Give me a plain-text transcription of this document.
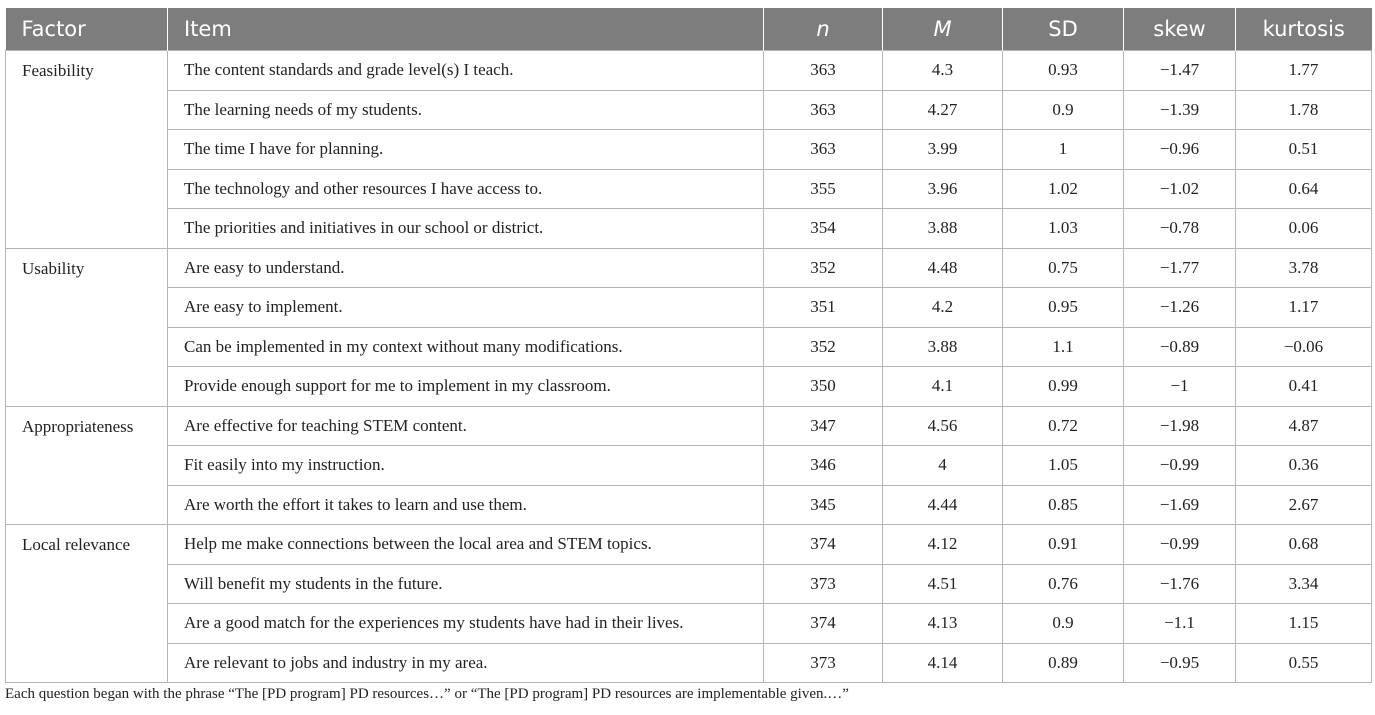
Factor	Item	n	M	SD	skew	kurtosis
Feasibility	The content standards and grade level(s) I teach.	363	4.3	0.93	−1.47	1.77
	The learning needs of my students.	363	4.27	0.9	−1.39	1.78
	The time I have for planning.	363	3.99	1	−0.96	0.51
	The technology and other resources I have access to.	355	3.96	1.02	−1.02	0.64
	The priorities and initiatives in our school or district.	354	3.88	1.03	−0.78	0.06
Usability	Are easy to understand.	352	4.48	0.75	−1.77	3.78
	Are easy to implement.	351	4.2	0.95	−1.26	1.17
	Can be implemented in my context without many modifications.	352	3.88	1.1	−0.89	−0.06
	Provide enough support for me to implement in my classroom.	350	4.1	0.99	−1	0.41
Appropriateness	Are effective for teaching STEM content.	347	4.56	0.72	−1.98	4.87
	Fit easily into my instruction.	346	4	1.05	−0.99	0.36
	Are worth the effort it takes to learn and use them.	345	4.44	0.85	−1.69	2.67
Local relevance	Help me make connections between the local area and STEM topics.	374	4.12	0.91	−0.99	0.68
	Will benefit my students in the future.	373	4.51	0.76	−1.76	3.34
	Are a good match for the experiences my students have had in their lives.	374	4.13	0.9	−1.1	1.15
	Are relevant to jobs and industry in my area.	373	4.14	0.89	−0.95	0.55
Each question began with the phrase “The [PD program] PD resources…” or “The [PD program] PD resources are implementable given.…”
